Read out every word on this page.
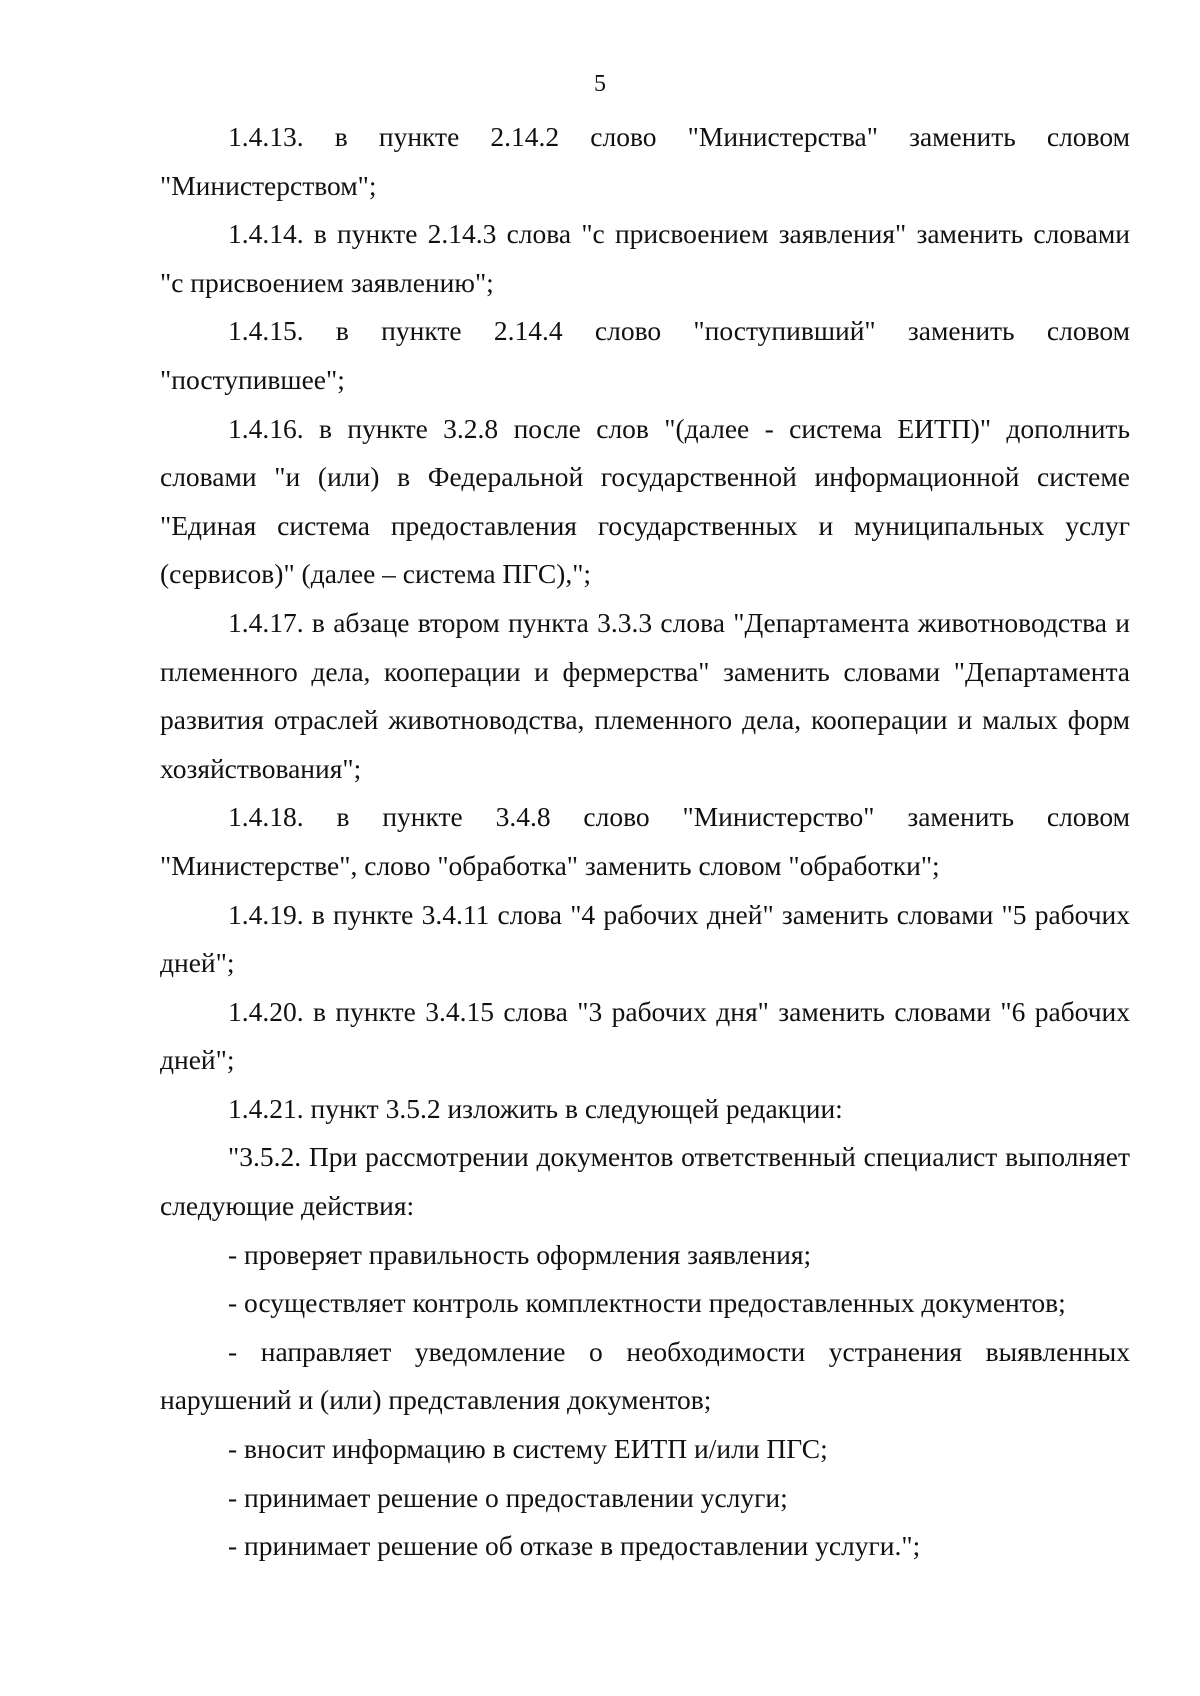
5

1.4.13. в пункте 2.14.2 слово "Министерства" заменить словом "Министерством";

1.4.14. в пункте 2.14.3 слова "с присвоением заявления" заменить словами "с присвоением заявлению";

1.4.15. в пункте 2.14.4 слово "поступивший" заменить словом "поступившее";

1.4.16. в пункте 3.2.8 после слов "(далее - система ЕИТП)" дополнить словами "и (или) в Федеральной государственной информационной системе "Единая система предоставления государственных и муниципальных услуг (сервисов)" (далее – система ПГС),";

1.4.17. в абзаце втором пункта 3.3.3 слова "Департамента животноводства и племенного дела, кооперации и фермерства" заменить словами "Департамента развития отраслей животноводства, племенного дела, кооперации и малых форм хозяйствования";

1.4.18. в пункте 3.4.8 слово "Министерство" заменить словом "Министерстве", слово "обработка" заменить словом "обработки";

1.4.19. в пункте 3.4.11 слова "4 рабочих дней" заменить словами "5 рабочих дней";

1.4.20. в пункте 3.4.15 слова "3 рабочих дня" заменить словами "6 рабочих дней";

1.4.21. пункт 3.5.2 изложить в следующей редакции:

"3.5.2. При рассмотрении документов ответственный специалист выполняет следующие действия:

- проверяет правильность оформления заявления;

- осуществляет контроль комплектности предоставленных документов;

- направляет уведомление о необходимости устранения выявленных нарушений и (или) представления документов;

- вносит информацию в систему ЕИТП и/или ПГС;

- принимает решение о предоставлении услуги;

- принимает решение об отказе в предоставлении услуги.";
